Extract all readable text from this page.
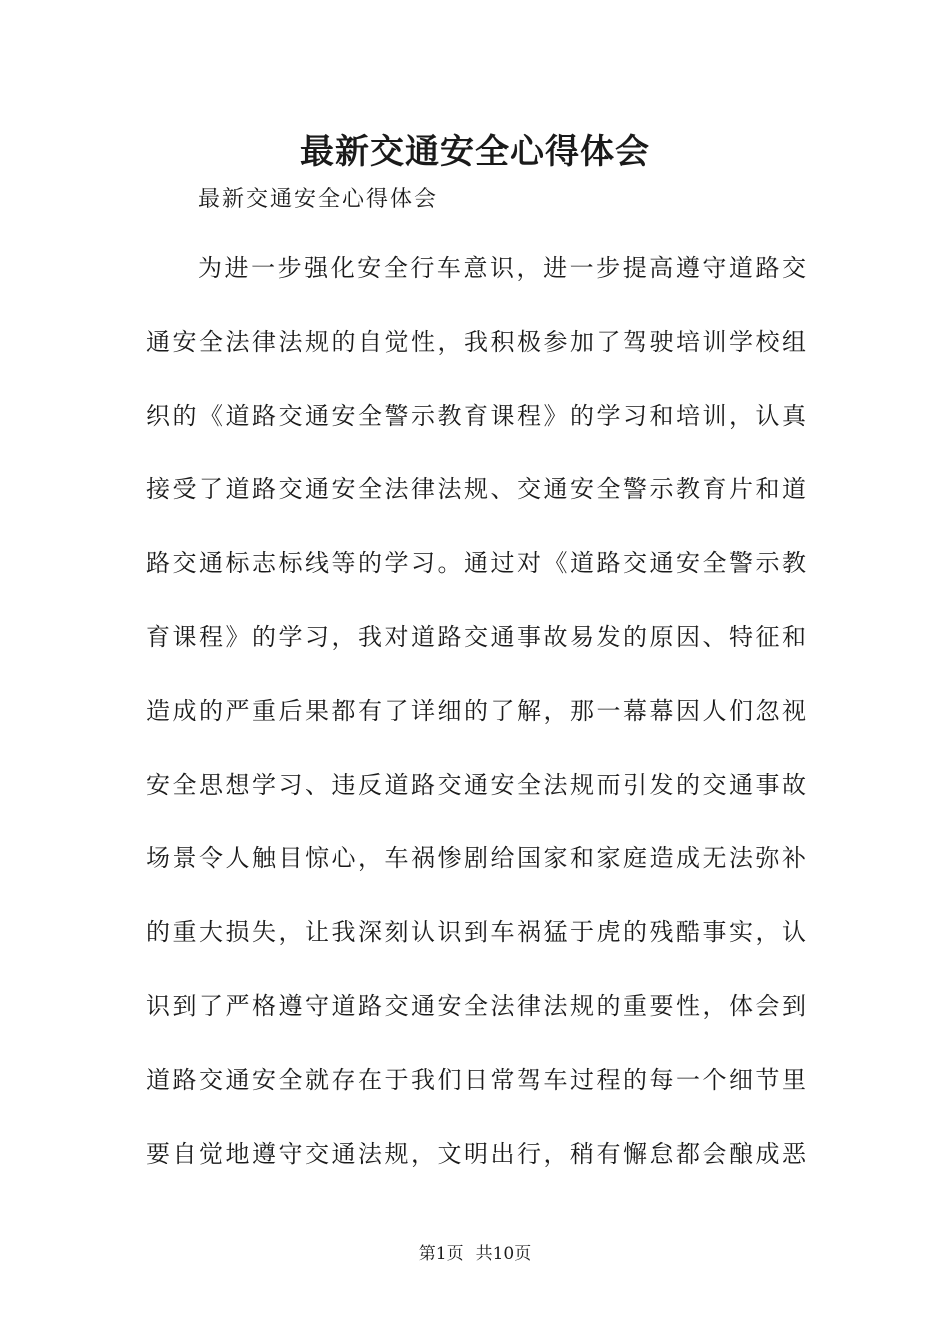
最新交通安全心得体会
最新交通安全心得体会
为进一步强化安全行车意识，进一步提高遵守道路交
通安全法律法规的自觉性，我积极参加了驾驶培训学校组
织的《道路交通安全警示教育课程》的学习和培训，认真
接受了道路交通安全法律法规、交通安全警示教育片和道
路交通标志标线等的学习。通过对《道路交通安全警示教
育课程》的学习，我对道路交通事故易发的原因、特征和
造成的严重后果都有了详细的了解，那一幕幕因人们忽视
安全思想学习、违反道路交通安全法规而引发的交通事故
场景令人触目惊心，车祸惨剧给国家和家庭造成无法弥补
的重大损失，让我深刻认识到车祸猛于虎的残酷事实，认
识到了严格遵守道路交通安全法律法规的重要性，体会到
道路交通安全就存在于我们日常驾车过程的每一个细节里
要自觉地遵守交通法规，文明出行，稍有懈怠都会酿成恶
第1页 共10页
